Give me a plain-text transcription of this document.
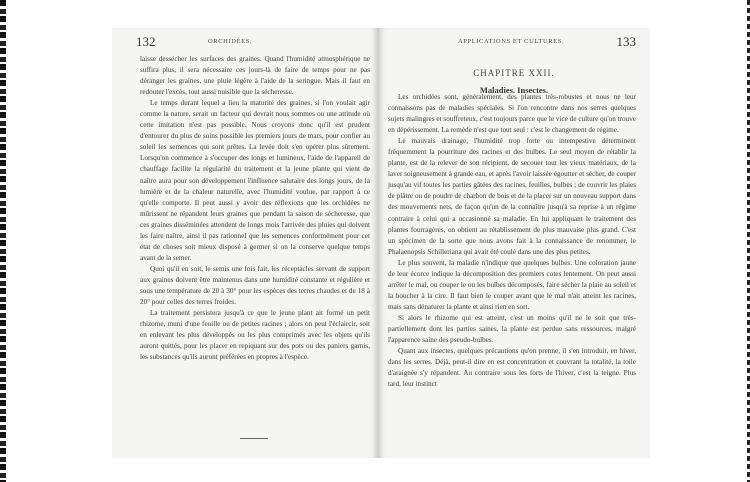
132	ORCHIDÉES.

laisse dessécher les surfaces des graines. Quand l'humidité atmosphérique ne suffira plus, il sera nécessaire ces jours-là de faire de temps pour ne pas déranger les graines, une pluie légère à l'aide de la seringue. Mais il faut en redouter l'excès, tout aussi nuisible que la sécheresse.

Le temps durant lequel a lieu la maturité des graines, si l'on voulait agir comme la nature, serait un facteur qui devrait nous sommes ou une attitude où cette imitation n'est pas possible. Nous croyons donc qu'il est prudent d'entourer du plus de soins possible les premiers jours de mars, pour confier au soleil les semences qui sont prêtes. La levée doit s'en opérer plus sûrement. Lorsqu'on commence à s'occuper des longs et lumineux, l'aide de l'appareil de chauffage facilite la régularité du traitement et la jeune plante qui vient de naître aura pour son développement l'influence salutaire des longs jours, de la lumière et de la chaleur naturelle, avec l'humidité voulue, par rapport à ce qu'elle comporte. Il peut aussi y avoir des réflexions que les orchidées ne mûrissent ne répandent leurs graines que pendant la saison de sécheresse, que ces graines disséminées attendent de longs mois l'arrivée des pluies qui doivent les faire naître, ainsi il pas rationnel que les semences conformément pour cet état de choses soit mieux disposé à germer si on la conserve quelque temps avant de la semer.

Quoi qu'il en soit, le semis une fois fait, les réceptacles servant de support aux graines doivent être maintenus dans une humidité constante et régulière et sous une température de 20 à 30° pour les espèces des terres chaudes et de 18 à 20° pour celles des terres froides.

La traitement persistera jusqu'à ce que le jeune plant ait formé un petit rhizome, muni d'une feuille ou de petites racines ; alors on peut l'éclaircir, soit en enlevant les plus développés ou les plus comprimés avec les objets qu'ils auront quittés, pour les placer en repiquant sur des pots ou des paniers garnis, les substances qu'ils auront préférées en propres à l'espèce.

APPLICATIONS ET CULTURES.	133
CHAPITRE XXII.
Maladies. Insectes.

Les orchidées sont, généralement, des plantes très-robustes et nous ne leur connaissons pas de maladies spéciales. Si l'on rencontre dans nos serres quelques sujets malingres et souffreteux, c'est toujours parce que le vice de culture qu'on trouve en dépérissement. La remède n'est que tout seul : c'est le changement de régime.

Le mauvais drainage, l'humidité trop forte ou intempestive déterminent fréquemment la pourriture des racines et des bulbes. Le seul moyen de rétablir la plante, est de la relever de son récipient, de secouer tout les vieux matériaux, de la laver soigneusement à grande eau, et après l'avoir laissée égoutter et sécher, de couper jusqu'au vif toutes les parties gâtées des racines, feuilles, bulbes ; de couvrir les plaies de plâtre ou de poudre de charbon de bois et de la placer sur un nouveau support dans des mouvements nets, de façon qu'un de la connaître jusqu'à sa reprise à un régime contraire à celui qui a occasionné sa maladie. En lui appliquant le traitement des plantes fourragères, on obtient au rétablissement de plus mauvaise plus grand. C'est un spécimen de la sorte que nous avons fait à la connaissance de renommer, le Phalaenopsis Schilleriana qui avait été coulé dans une des plus petites.

Le plus souvent, la maladie n'indique que quelques bulbes. Une coloration jaune de leur écorce indique la décomposition des premiers cotes lentement. On peut aussi arrêter le mal, ou couper le ou les bulbes décomposés, faire sécher la plaie au soleil et la boucher à la cire. Il faut bien le couper avant que le mal n'ait atteint les racines, mais sans dénaturer la plante et ainsi rien en sort.

Si alors le rhizome qui est atteint, c'est un moins qu'il ne le soit que très-partiellement dont les parties saines, la plante est perdue sans ressources, malgré l'apparence saine des pseudo-bulbes.

Quant aux insectes, quelques précautions qu'on prenne, il s'en introduit, en hiver, dans les serres. Déjà, peut-il dire en est concentration et couvrant la totalité, la toile d'araignée s'y répandent. Au contraire sous les forts de l'hiver, c'est la teigne. Plus tard, leur instinct
